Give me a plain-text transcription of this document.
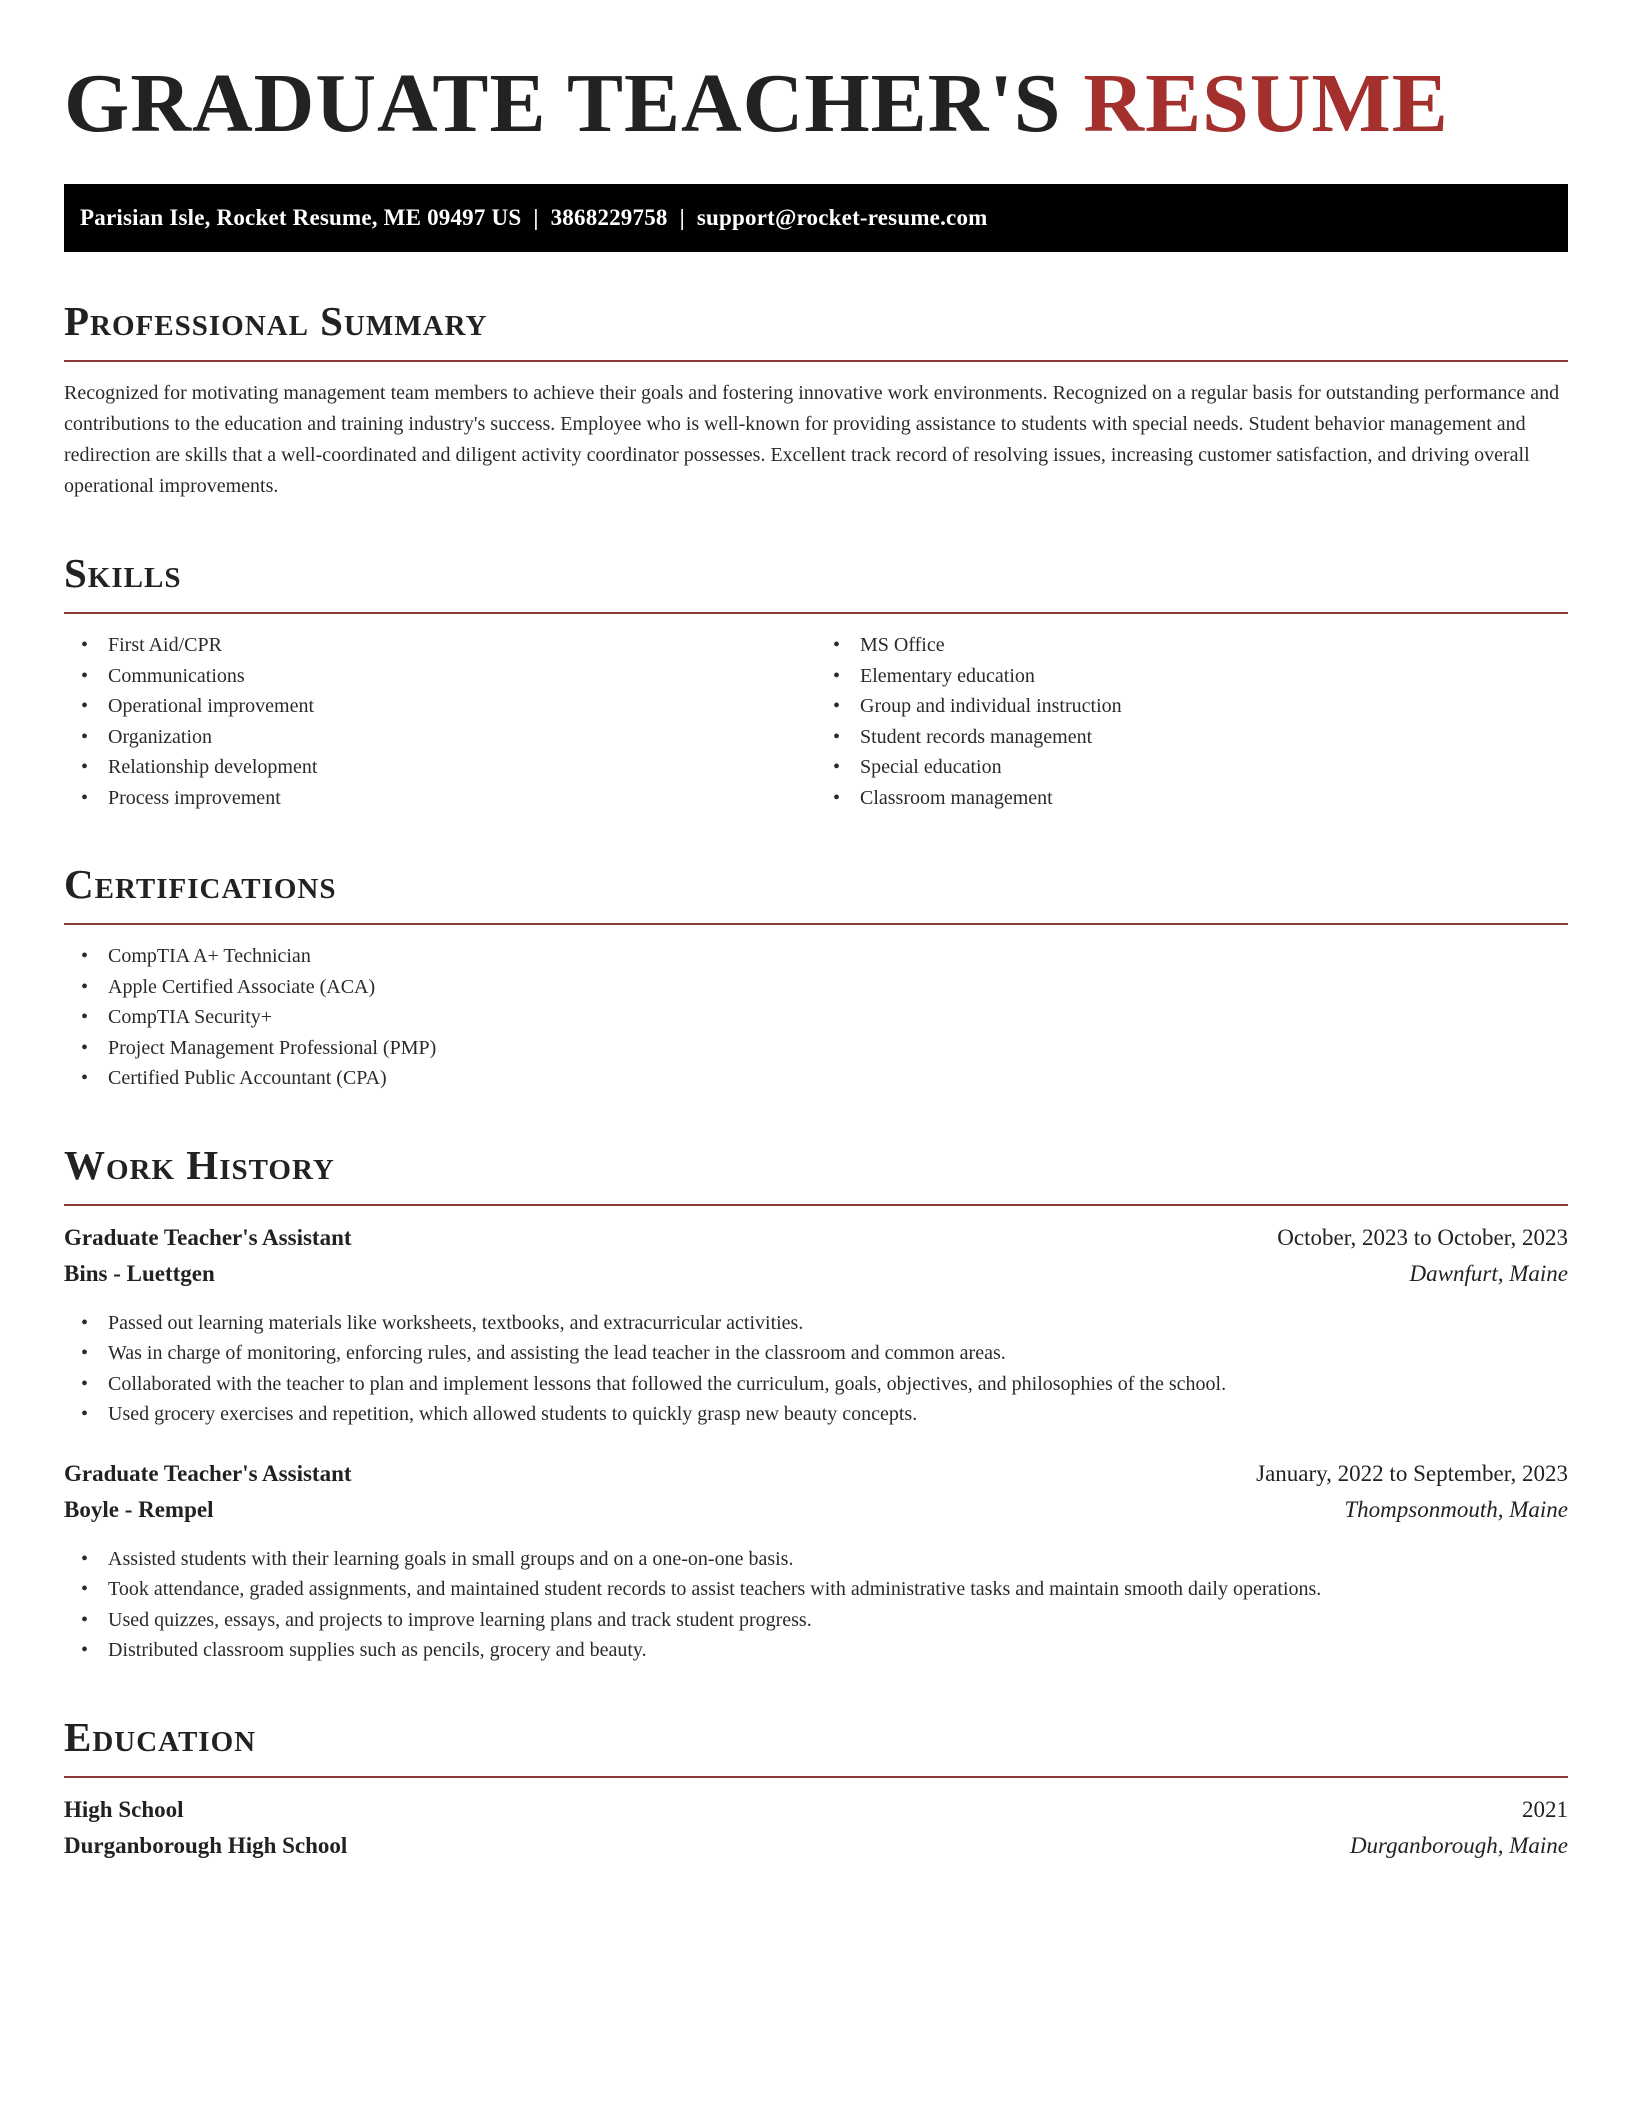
GRADUATE TEACHER'S RESUME
Parisian Isle, Rocket Resume, ME 09497 US | 3868229758 | support@rocket-resume.com
Professional Summary

Recognized for motivating management team members to achieve their goals and fostering innovative work environments. Recognized on a regular basis for outstanding performance and contributions to the education and training industry's success. Employee who is well-known for providing assistance to students with special needs. Student behavior management and redirection are skills that a well-coordinated and diligent activity coordinator possesses. Excellent track record of resolving issues, increasing customer satisfaction, and driving overall operational improvements.

Skills
• First Aid/CPR
• Communications
• Operational improvement
• Organization
• Relationship development
• Process improvement
• MS Office
• Elementary education
• Group and individual instruction
• Student records management
• Special education
• Classroom management
Certifications
• CompTIA A+ Technician
• Apple Certified Associate (ACA)
• CompTIA Security+
• Project Management Professional (PMP)
• Certified Public Accountant (CPA)
Work History
Graduate Teacher's Assistant	October, 2023 to October, 2023
Bins - Luettgen	Dawnfurt, Maine
• Passed out learning materials like worksheets, textbooks, and extracurricular activities.
• Was in charge of monitoring, enforcing rules, and assisting the lead teacher in the classroom and common areas.
• Collaborated with the teacher to plan and implement lessons that followed the curriculum, goals, objectives, and philosophies of the school.
• Used grocery exercises and repetition, which allowed students to quickly grasp new beauty concepts.
Graduate Teacher's Assistant	January, 2022 to September, 2023
Boyle - Rempel	Thompsonmouth, Maine
• Assisted students with their learning goals in small groups and on a one-on-one basis.
• Took attendance, graded assignments, and maintained student records to assist teachers with administrative tasks and maintain smooth daily operations.
• Used quizzes, essays, and projects to improve learning plans and track student progress.
• Distributed classroom supplies such as pencils, grocery and beauty.
Education
High School	2021
Durganborough High School	Durganborough, Maine
